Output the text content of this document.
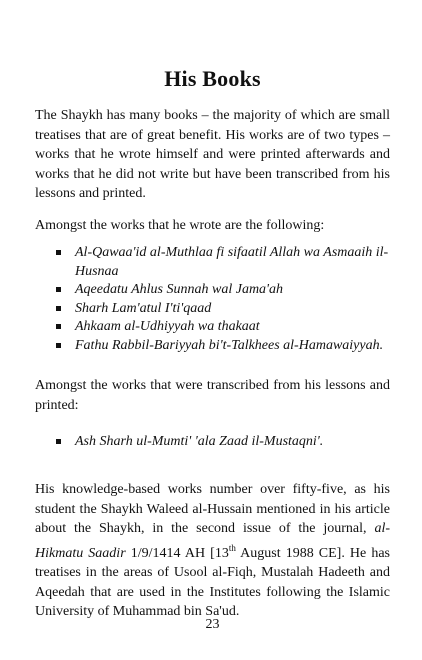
His Books

The Shaykh has many books – the majority of which are small treatises that are of great benefit. His works are of two types – works that he wrote himself and were printed afterwards and works that he did not write but have been transcribed from his lessons and printed.

Amongst the works that he wrote are the following:

Al-Qawaa'id al-Muthlaa fi sifaatil Allah wa Asmaaih il-Husnaa
Aqeedatu Ahlus Sunnah wal Jama'ah
Sharh Lam'atul I'ti'qaad
Ahkaam al-Udhiyyah wa thakaat
Fathu Rabbil-Bariyyah bi't-Talkhees al-Hamawaiyyah.

Amongst the works that were transcribed from his lessons and printed:

Ash Sharh ul-Mumti' 'ala Zaad il-Mustaqni'.

His knowledge-based works number over fifty-five, as his student the Shaykh Waleed al-Hussain mentioned in his article about the Shaykh, in the second issue of the journal, al-Hikmatu Saadir 1/9/1414 AH [13th August 1988 CE]. He has treatises in the areas of Usool al-Fiqh, Mustalah Hadeeth and Aqeedah that are used in the Institutes following the Islamic University of Muhammad bin Sa'ud.

23
